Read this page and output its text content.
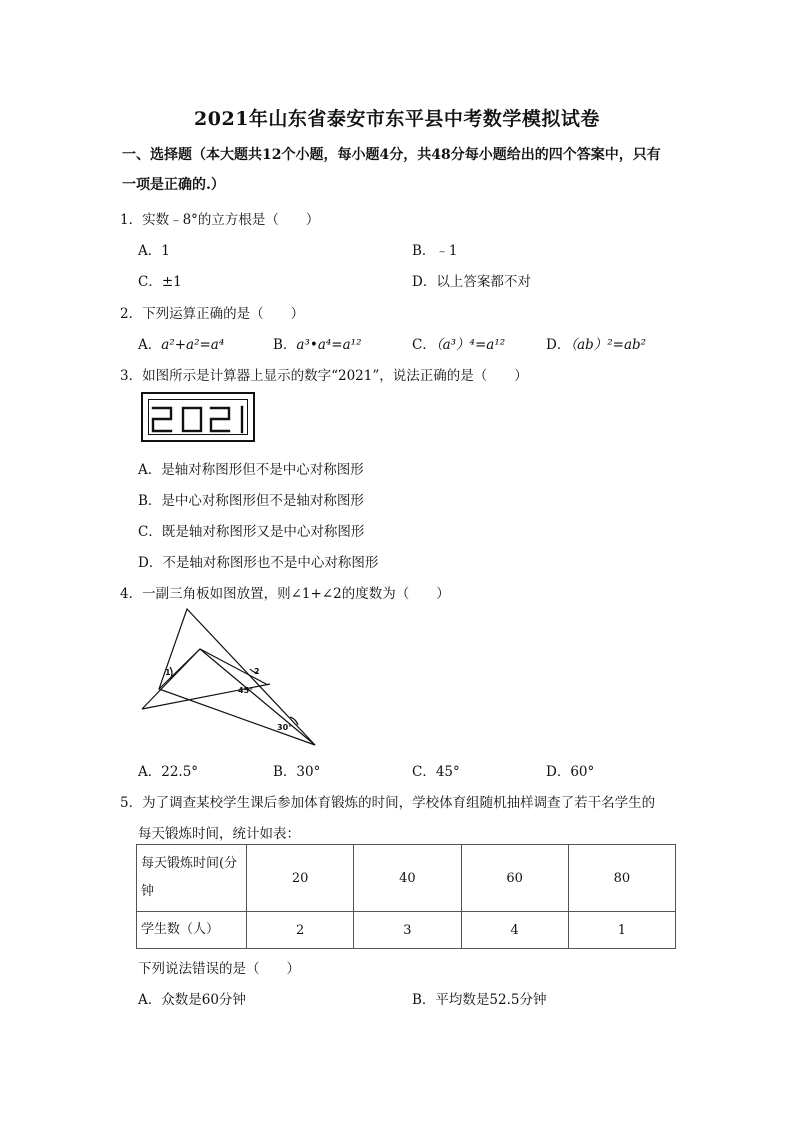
2021年山东省泰安市东平县中考数学模拟试卷
一、选择题（本大题共12个小题，每小题4分，共48分每小题给出的四个答案中，只有
一项是正确的.）
1．实数﹣8°的立方根是（　　）
A．1	B．﹣1
C．±1	D．以上答案都不对
2．下列运算正确的是（　　）
A．a²+a²=a⁴	B．a³•a⁴=a¹²	C．（a³）⁴=a¹²	D．（ab）²=ab²
3．如图所示是计算器上显示的数字“2021”，说法正确的是（　　）
A．是轴对称图形但不是中心对称图形
B．是中心对称图形但不是轴对称图形
C．既是轴对称图形又是中心对称图形
D．不是轴对称图形也不是中心对称图形
4．一副三角板如图放置，则∠1+∠2的度数为（　　）
1	2
45°
30°
A．22.5°	B．30°	C．45°	D．60°
5．为了调查某校学生课后参加体育锻炼的时间，学校体育组随机抽样调查了若干名学生的
每天锻炼时间，统计如表：
每天锻炼时间(分钟	20	40	60	80
学生数（人）	2	3	4	1
下列说法错误的是（　　）
A．众数是60分钟	B．平均数是52.5分钟
